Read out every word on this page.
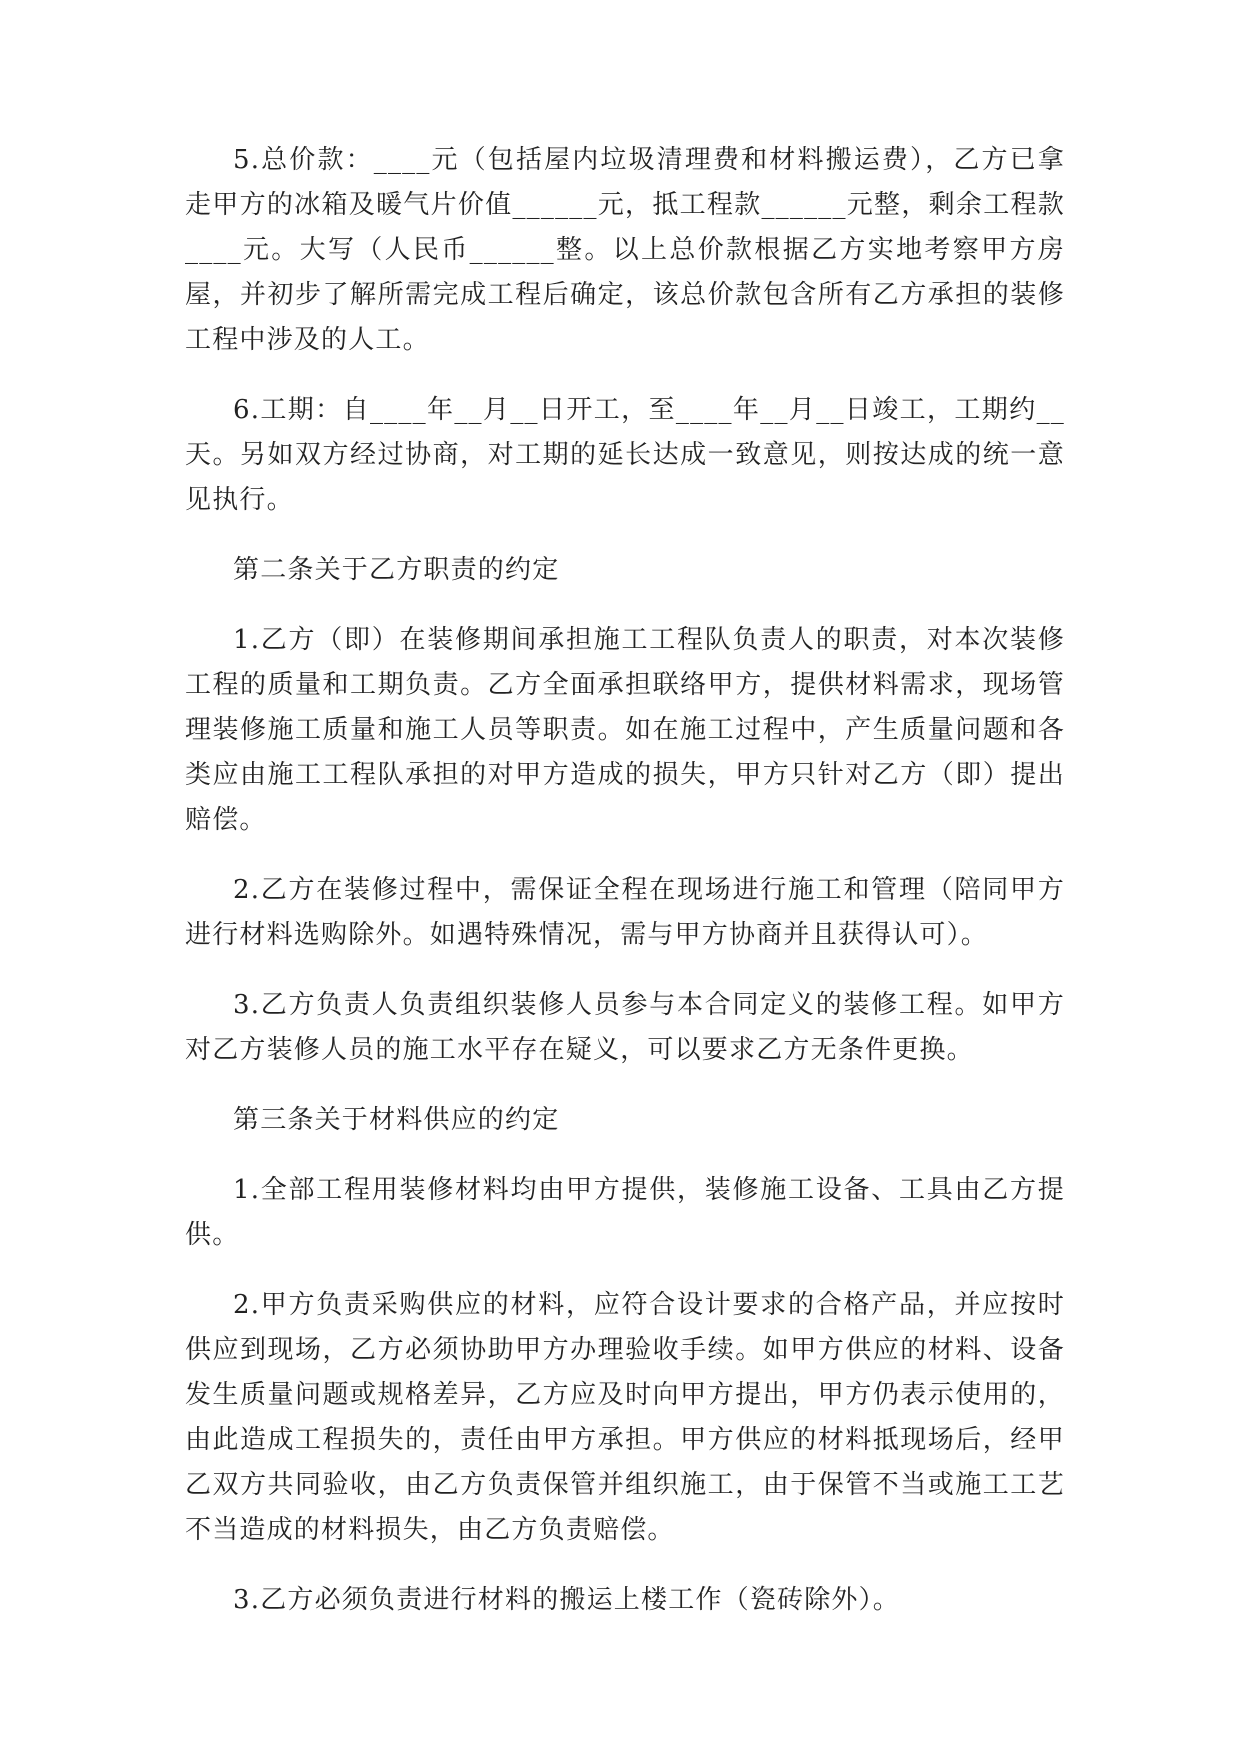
5.总价款：____元（包括屋内垃圾清理费和材料搬运费），乙方已拿走甲方的冰箱及暖气片价值______元，抵工程款______元整，剩余工程款____元。大写（人民币______整。以上总价款根据乙方实地考察甲方房屋，并初步了解所需完成工程后确定，该总价款包含所有乙方承担的装修工程中涉及的人工。

6.工期：自____年__月__日开工，至____年__月__日竣工，工期约__天。另如双方经过协商，对工期的延长达成一致意见，则按达成的统一意见执行。

第二条关于乙方职责的约定

1.乙方（即）在装修期间承担施工工程队负责人的职责，对本次装修工程的质量和工期负责。乙方全面承担联络甲方，提供材料需求，现场管理装修施工质量和施工人员等职责。如在施工过程中，产生质量问题和各类应由施工工程队承担的对甲方造成的损失，甲方只针对乙方（即）提出赔偿。

2.乙方在装修过程中，需保证全程在现场进行施工和管理（陪同甲方进行材料选购除外。如遇特殊情况，需与甲方协商并且获得认可）。

3.乙方负责人负责组织装修人员参与本合同定义的装修工程。如甲方对乙方装修人员的施工水平存在疑义，可以要求乙方无条件更换。

第三条关于材料供应的约定

1.全部工程用装修材料均由甲方提供，装修施工设备、工具由乙方提供。

2.甲方负责采购供应的材料，应符合设计要求的合格产品，并应按时供应到现场，乙方必须协助甲方办理验收手续。如甲方供应的材料、设备发生质量问题或规格差异，乙方应及时向甲方提出，甲方仍表示使用的，由此造成工程损失的，责任由甲方承担。甲方供应的材料抵现场后，经甲乙双方共同验收，由乙方负责保管并组织施工，由于保管不当或施工工艺不当造成的材料损失，由乙方负责赔偿。

3.乙方必须负责进行材料的搬运上楼工作（瓷砖除外）。
